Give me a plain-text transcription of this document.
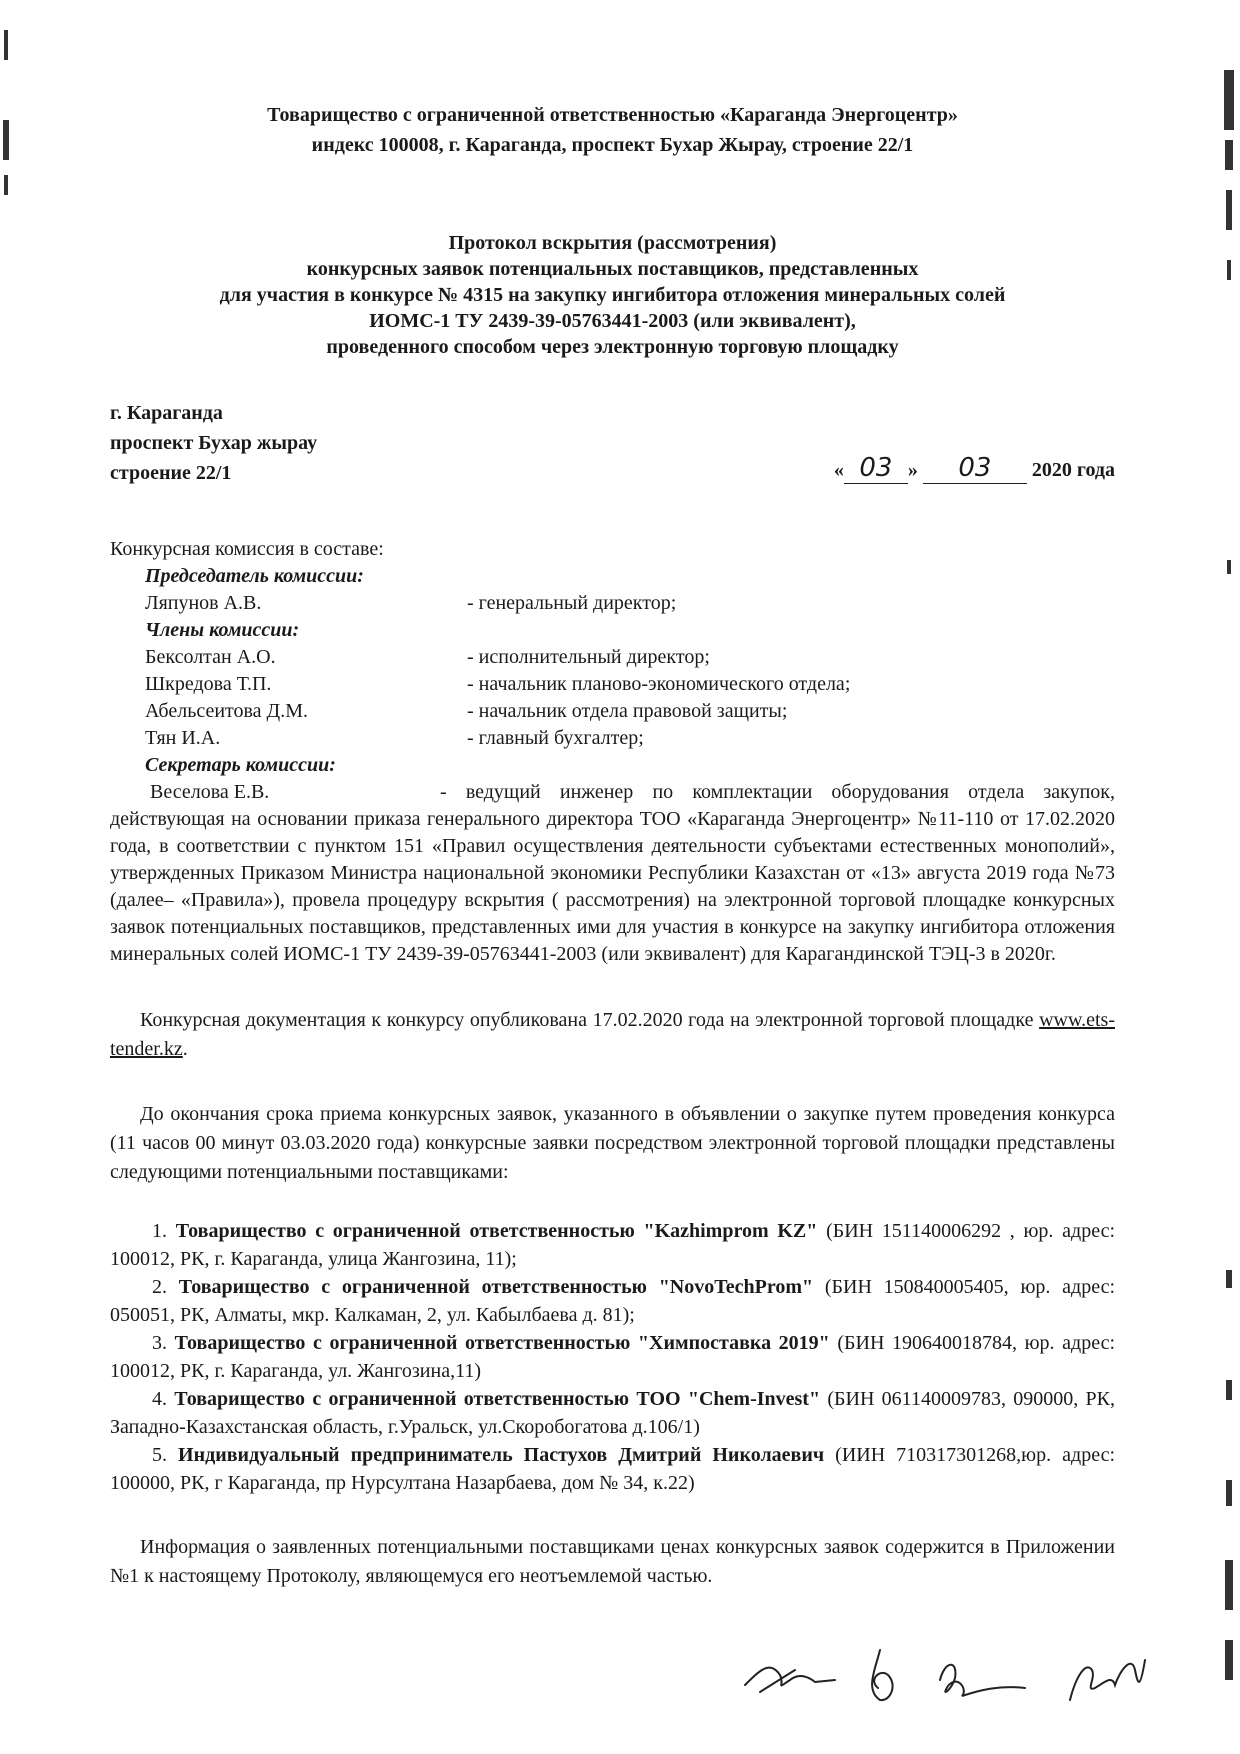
Товарищество с ограниченной ответственностью «Караганда Энергоцентр»
индекс 100008, г. Караганда, проспект Бухар Жырау, строение 22/1
Протокол вскрытия (рассмотрения)
конкурсных заявок потенциальных поставщиков, представленных
для участия в конкурсе № 4315 на закупку ингибитора отложения минеральных солей
ИОМС-1 ТУ 2439-39-05763441-2003 (или эквивалент),
проведенного способом через электронную торговую площадку
г. Караганда
проспект Бухар жырау
строение 22/1	« 03 » 03 2020 года
Конкурсная комиссия в составе:
Председатель комиссии:
Ляпунов А.В.	- генеральный директор;
Члены комиссии:
Бексолтан А.О.	- исполнительный директор;
Шкредова Т.П.	- начальник планово-экономического отдела;
Абельсеитова Д.М.	- начальник отдела правовой защиты;
Тян И.А.	- главный бухгалтер;
Секретарь комиссии:

Веселова Е.В.	- ведущий инженер по комплектации оборудования отдела закупок, действующая на основании приказа генерального директора ТОО «Караганда Энергоцентр» №11-110 от 17.02.2020 года, в соответствии с пунктом 151 «Правил осуществления деятельности субъектами естественных монополий», утвержденных Приказом Министра национальной экономики Республики Казахстан от «13» августа 2019 года №73 (далее– «Правила»), провела процедуру вскрытия ( рассмотрения) на электронной торговой площадке конкурсных заявок потенциальных поставщиков, представленных ими для участия в конкурсе на закупку ингибитора отложения минеральных солей ИОМС-1 ТУ 2439-39-05763441-2003 (или эквивалент) для Карагандинской ТЭЦ-3 в 2020г.

Конкурсная документация к конкурсу опубликована 17.02.2020 года на электронной торговой площадке www.ets-tender.kz.

До окончания срока приема конкурсных заявок, указанного в объявлении о закупке путем проведения конкурса (11 часов 00 минут 03.03.2020 года) конкурсные заявки посредством электронной торговой площадки представлены следующими потенциальными поставщиками:

1. Товарищество с ограниченной ответственностью "Kazhimprom KZ" (БИН 151140006292 , юр. адрес: 100012, РК, г. Караганда, улица Жангозина, 11);

2. Товарищество с ограниченной ответственностью "NovoTechProm" (БИН 150840005405, юр. адрес: 050051, РК, Алматы, мкр. Калкаман, 2, ул. Кабылбаева д. 81);

3. Товарищество с ограниченной ответственностью "Химпоставка 2019" (БИН 190640018784, юр. адрес: 100012, РК, г. Караганда, ул. Жангозина,11)

4. Товарищество с ограниченной ответственностью ТОО "Chem-Invest" (БИН 061140009783, 090000, РК, Западно-Казахстанская область, г.Уральск, ул.Скоробогатова д.106/1)

5. Индивидуальный предприниматель Пастухов Дмитрий Николаевич (ИИН 710317301268,юр. адрес: 100000, РК, г Караганда, пр Нурсултана Назарбаева, дом № 34, к.22)

Информация о заявленных потенциальными поставщиками ценах конкурсных заявок содержится в Приложении №1 к настоящему Протоколу, являющемуся его неотъемлемой частью.
